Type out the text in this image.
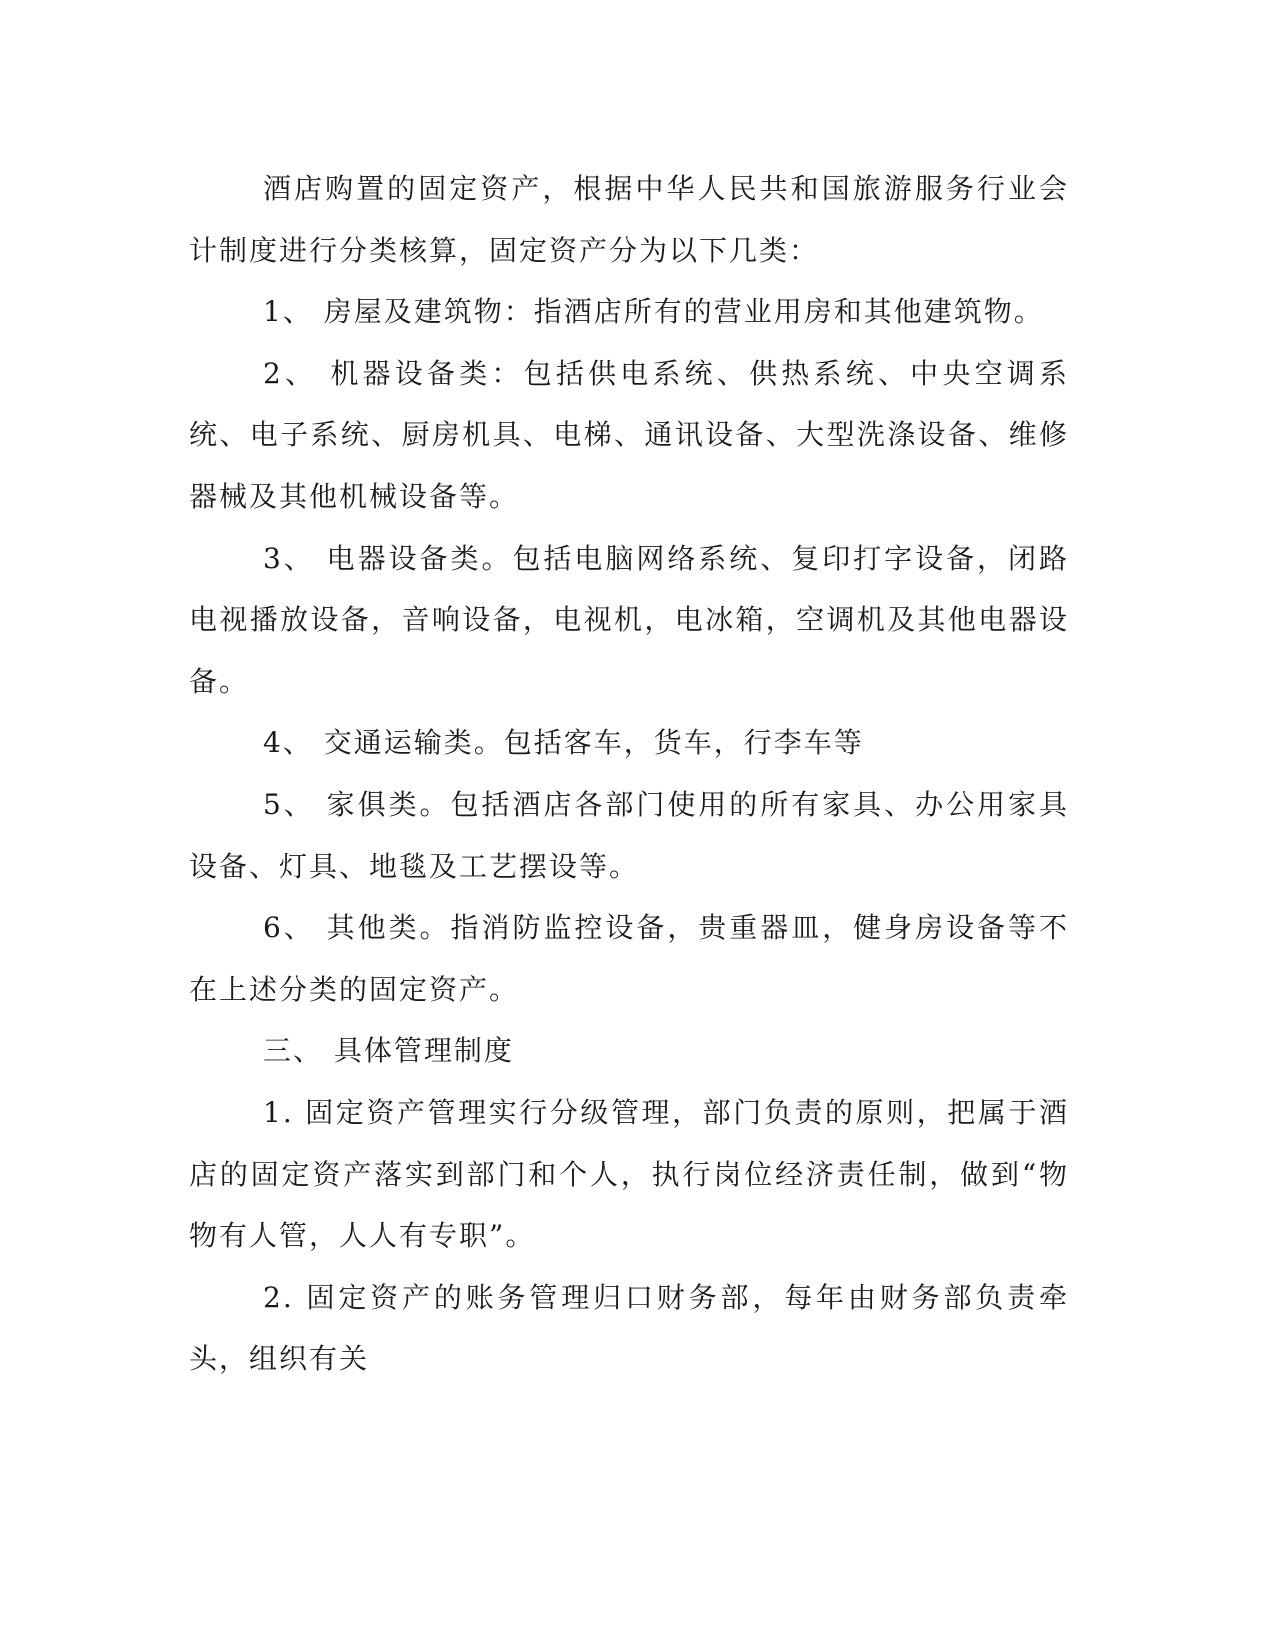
酒店购置的固定资产，根据中华人民共和国旅游服务行业会计制度进行分类核算，固定资产分为以下几类：

1、 房屋及建筑物：指酒店所有的营业用房和其他建筑物。

2、 机器设备类：包括供电系统、供热系统、中央空调系统、电子系统、厨房机具、电梯、通讯设备、大型洗涤设备、维修器械及其他机械设备等。

3、 电器设备类。包括电脑网络系统、复印打字设备，闭路电视播放设备，音响设备，电视机，电冰箱，空调机及其他电器设备。

4、 交通运输类。包括客车，货车，行李车等

5、 家俱类。包括酒店各部门使用的所有家具、办公用家具设备、灯具、地毯及工艺摆设等。

6、 其他类。指消防监控设备，贵重器皿，健身房设备等不在上述分类的固定资产。

三、 具体管理制度

1. 固定资产管理实行分级管理，部门负责的原则，把属于酒店的固定资产落实到部门和个人，执行岗位经济责任制，做到“物物有人管，人人有专职”。

2. 固定资产的账务管理归口财务部，每年由财务部负责牵头，组织有关
